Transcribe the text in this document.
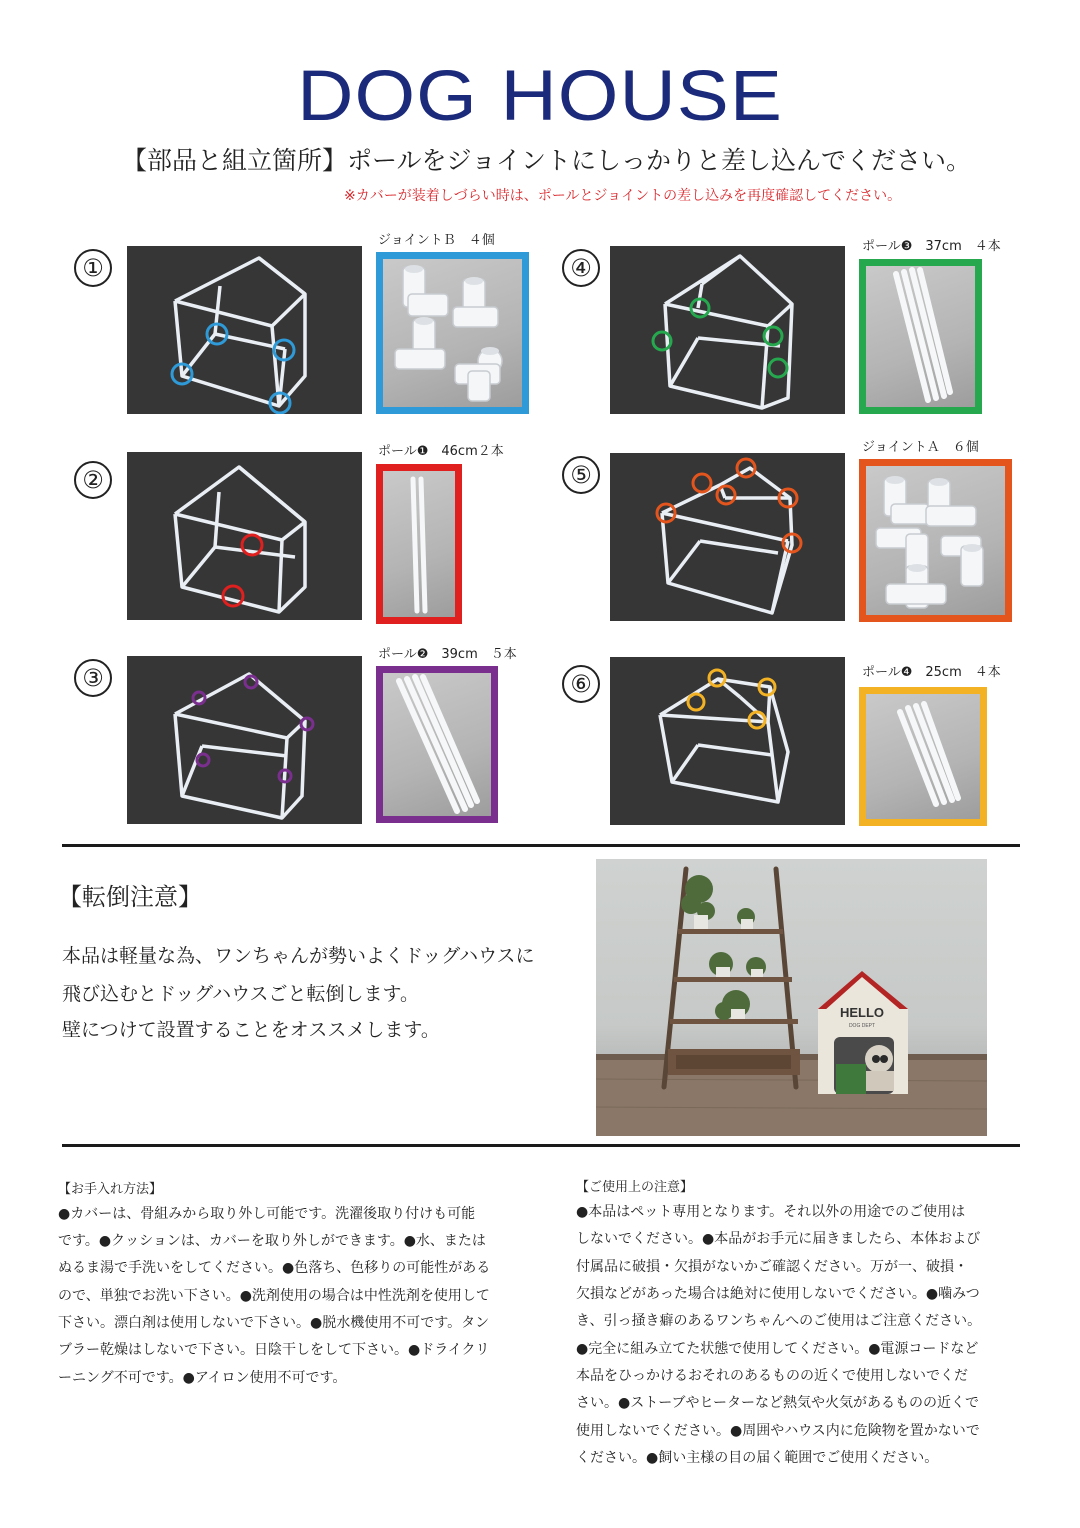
DOG HOUSE
【部品と組立箇所】ポールをジョイントにしっかりと差し込んでください。
※カバーが装着しづらい時は、ポールとジョイントの差し込みを再度確認してください。
①
ジョイントＢ　４個
②
ポール❶　46cm２本
③
ポール❷　39cm　５本
④
ポール❸　37cm　４本
⑤
ジョイントＡ　６個
⑥	ポール❹　25cm　４本
【転倒注意】
本品は軽量な為、ワンちゃんが勢いよくドッグハウスに
飛び込むとドッグハウスごと転倒します。
壁につけて設置することをオススメします。
HELLO
DOG DEPT
【お手入れ方法】
●カバーは、骨組みから取り外し可能です。洗濯後取り付けも可能
です。●クッションは、カバーを取り外しができます。●水、または
ぬるま湯で手洗いをしてください。●色落ち、色移りの可能性がある
ので、単独でお洗い下さい。●洗剤使用の場合は中性洗剤を使用して
下さい。漂白剤は使用しないで下さい。●脱水機使用不可です。タン
ブラー乾燥はしないで下さい。日陰干しをして下さい。●ドライクリ
ーニング不可です。●アイロン使用不可です。
【ご使用上の注意】
●本品はペット専用となります。それ以外の用途でのご使用は
しないでください。●本品がお手元に届きましたら、本体および
付属品に破損・欠損がないかご確認ください。万が一、破損・
欠損などがあった場合は絶対に使用しないでください。●噛みつ
き、引っ掻き癖のあるワンちゃんへのご使用はご注意ください。
●完全に組み立てた状態で使用してください。●電源コードなど
本品をひっかけるおそれのあるものの近くで使用しないでくだ
さい。●ストーブやヒーターなど熱気や火気があるものの近くで
使用しないでください。●周囲やハウス内に危険物を置かないで
ください。●飼い主様の目の届く範囲でご使用ください。
